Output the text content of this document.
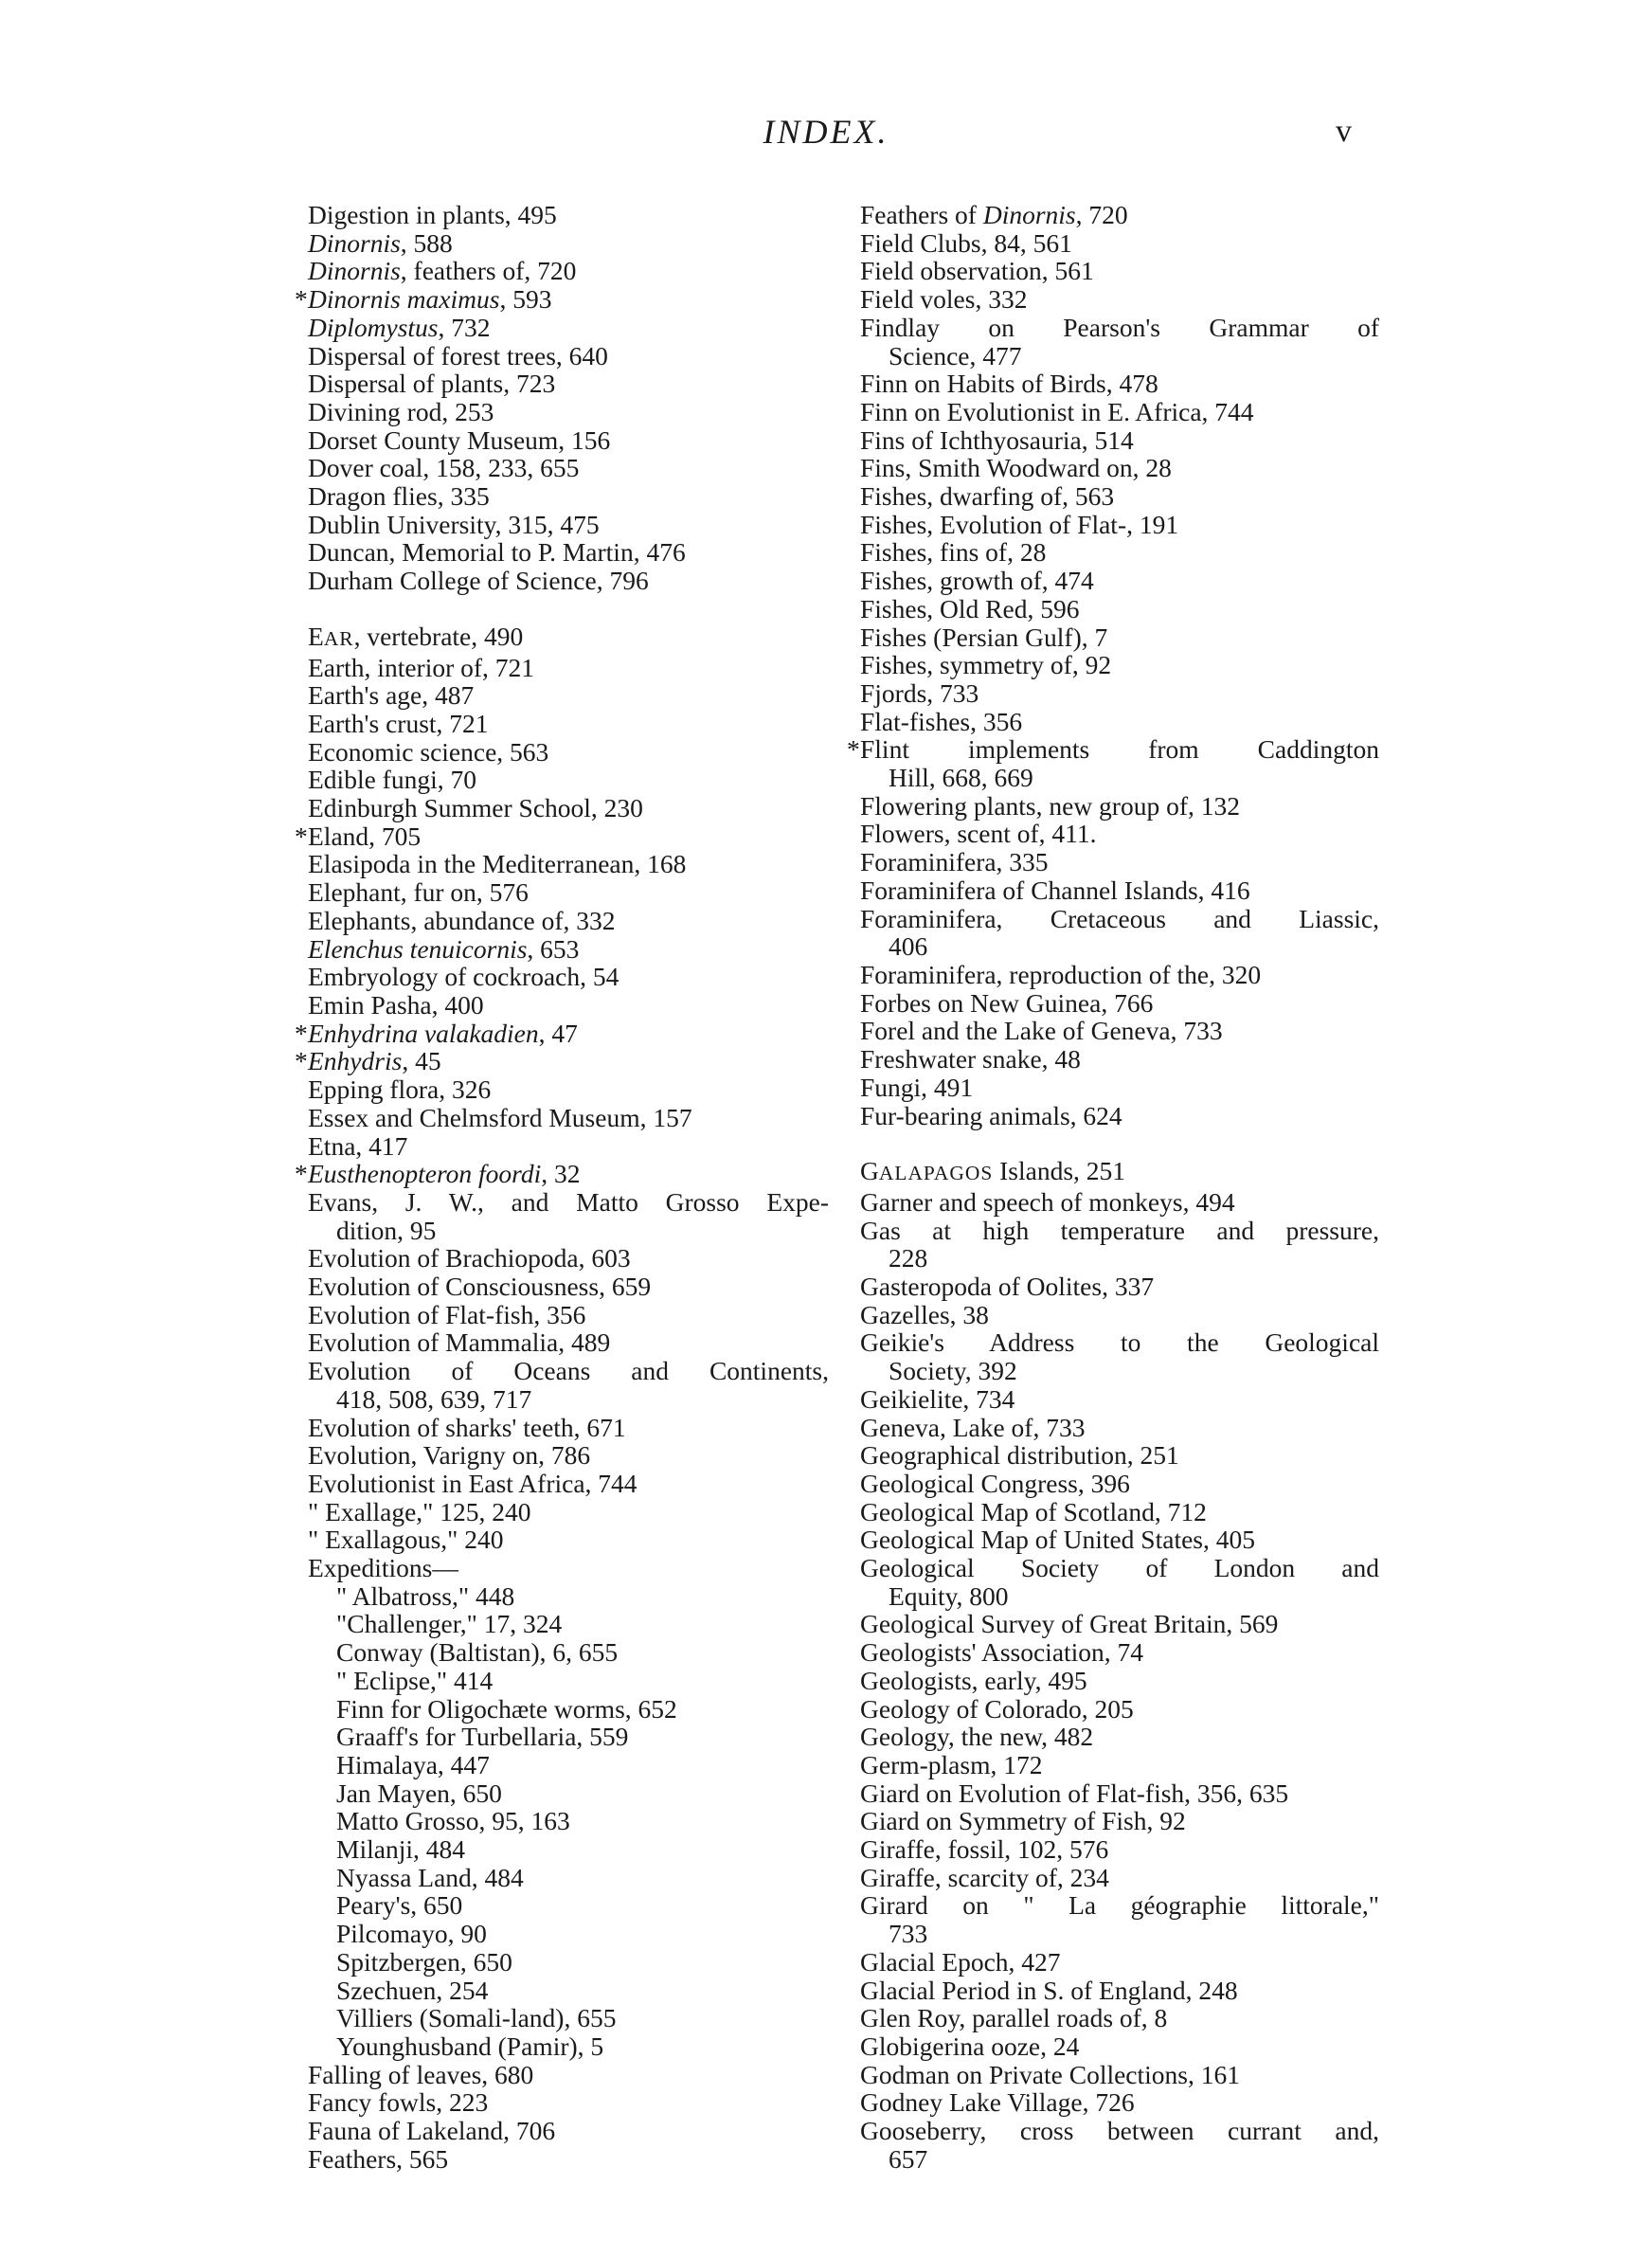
INDEX.	v
Digestion in plants, 495
Dinornis, 588
Dinornis, feathers of, 720
* Dinornis maximus, 593
Diplomystus, 732
Dispersal of forest trees, 640
Dispersal of plants, 723
Divining rod, 253
Dorset County Museum, 156
Dover coal, 158, 233, 655
Dragon flies, 335
Dublin University, 315, 475
Duncan, Memorial to P. Martin, 476
Durham College of Science, 796
EAR, vertebrate, 490
Earth, interior of, 721
Earth's age, 487
Earth's crust, 721
Economic science, 563
Edible fungi, 70
Edinburgh Summer School, 230
* Eland, 705
Elasipoda in the Mediterranean, 168
Elephant, fur on, 576
Elephants, abundance of, 332
Elenchus tenuicornis, 653
Embryology of cockroach, 54
Emin Pasha, 400
* Enhydrina valakadien, 47
* Enhydris, 45
Epping flora, 326
Essex and Chelmsford Museum, 157
Etna, 417
* Eusthenopteron foordi, 32
Evans, J. W., and Matto Grosso Expe-
dition, 95
Evolution of Brachiopoda, 603
Evolution of Consciousness, 659
Evolution of Flat-fish, 356
Evolution of Mammalia, 489
Evolution of Oceans and Continents,
418, 508, 639, 717
Evolution of sharks' teeth, 671
Evolution, Varigny on, 786
Evolutionist in East Africa, 744
" Exallage," 125, 240
" Exallagous," 240
Expeditions—
" Albatross," 448
"Challenger," 17, 324
Conway (Baltistan), 6, 655
" Eclipse," 414
Finn for Oligochæte worms, 652
Graaff's for Turbellaria, 559
Himalaya, 447
Jan Mayen, 650
Matto Grosso, 95, 163
Milanji, 484
Nyassa Land, 484
Peary's, 650
Pilcomayo, 90
Spitzbergen, 650
Szechuen, 254
Villiers (Somali-land), 655
Younghusband (Pamir), 5
Falling of leaves, 680
Fancy fowls, 223
Fauna of Lakeland, 706
Feathers, 565
Feathers of Dinornis, 720
Field Clubs, 84, 561
Field observation, 561
Field voles, 332
Findlay on Pearson's Grammar of
Science, 477
Finn on Habits of Birds, 478
Finn on Evolutionist in E. Africa, 744
Fins of Ichthyosauria, 514
Fins, Smith Woodward on, 28
Fishes, dwarfing of, 563
Fishes, Evolution of Flat-, 191
Fishes, fins of, 28
Fishes, growth of, 474
Fishes, Old Red, 596
Fishes (Persian Gulf), 7
Fishes, symmetry of, 92
Fjords, 733
Flat-fishes, 356
* Flint implements from Caddington
Hill, 668, 669
Flowering plants, new group of, 132
Flowers, scent of, 411.
Foraminifera, 335
Foraminifera of Channel Islands, 416
Foraminifera, Cretaceous and Liassic,
406
Foraminifera, reproduction of the, 320
Forbes on New Guinea, 766
Forel and the Lake of Geneva, 733
Freshwater snake, 48
Fungi, 491
Fur-bearing animals, 624
GALAPAGOS Islands, 251
Garner and speech of monkeys, 494
Gas at high temperature and pressure,
228
Gasteropoda of Oolites, 337
Gazelles, 38
Geikie's Address to the Geological
Society, 392
Geikielite, 734
Geneva, Lake of, 733
Geographical distribution, 251
Geological Congress, 396
Geological Map of Scotland, 712
Geological Map of United States, 405
Geological Society of London and
Equity, 800
Geological Survey of Great Britain, 569
Geologists' Association, 74
Geologists, early, 495
Geology of Colorado, 205
Geology, the new, 482
Germ-plasm, 172
Giard on Evolution of Flat-fish, 356, 635
Giard on Symmetry of Fish, 92
Giraffe, fossil, 102, 576
Giraffe, scarcity of, 234
Girard on " La géographie littorale,"
733
Glacial Epoch, 427
Glacial Period in S. of England, 248
Glen Roy, parallel roads of, 8
Globigerina ooze, 24
Godman on Private Collections, 161
Godney Lake Village, 726
Gooseberry, cross between currant and,
657
